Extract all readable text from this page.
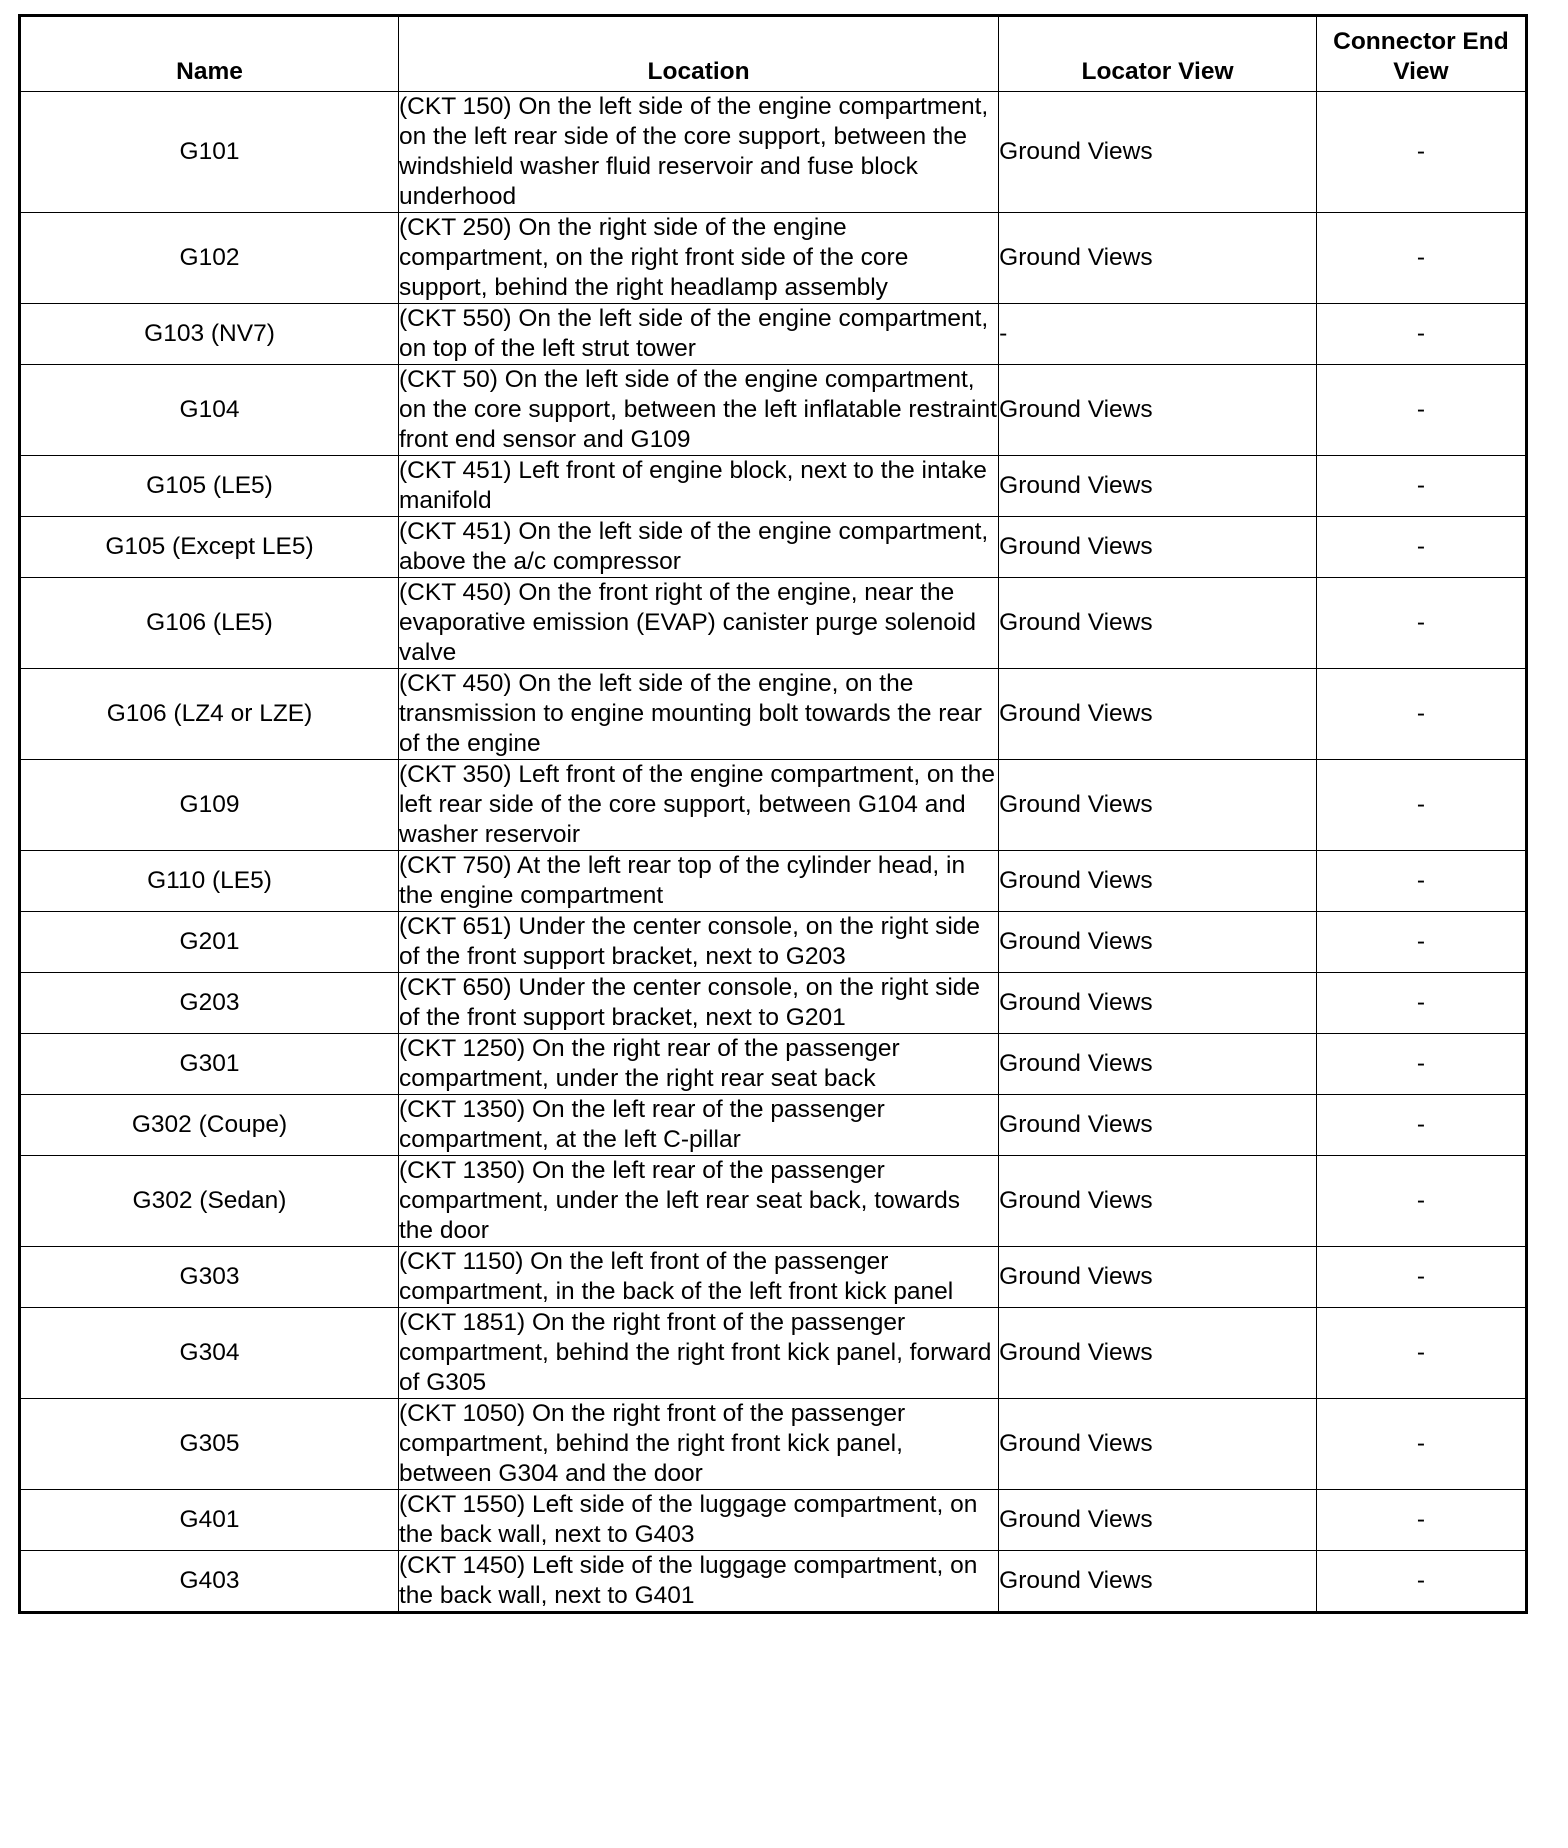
Name	Location	Locator View	Connector End View
G101	(CKT 150) On the left side of the engine compartment, on the left rear side of the core support, between the windshield washer fluid reservoir and fuse block underhood	Ground Views	-
G102	(CKT 250) On the right side of the engine compartment, on the right front side of the core support, behind the right headlamp assembly	Ground Views	-
G103 (NV7)	(CKT 550) On the left side of the engine compartment, on top of the left strut tower	-	-
G104	(CKT 50) On the left side of the engine compartment, on the core support, between the left inflatable restraint front end sensor and G109	Ground Views	-
G105 (LE5)	(CKT 451) Left front of engine block, next to the intake manifold	Ground Views	-
G105 (Except LE5)	(CKT 451) On the left side of the engine compartment, above the a/c compressor	Ground Views	-
G106 (LE5)	(CKT 450) On the front right of the engine, near the evaporative emission (EVAP) canister purge solenoid valve	Ground Views	-
G106 (LZ4 or LZE)	(CKT 450) On the left side of the engine, on the transmission to engine mounting bolt towards the rear of the engine	Ground Views	-
G109	(CKT 350) Left front of the engine compartment, on the left rear side of the core support, between G104 and washer reservoir	Ground Views	-
G110 (LE5)	(CKT 750) At the left rear top of the cylinder head, in the engine compartment	Ground Views	-
G201	(CKT 651) Under the center console, on the right side of the front support bracket, next to G203	Ground Views	-
G203	(CKT 650) Under the center console, on the right side of the front support bracket, next to G201	Ground Views	-
G301	(CKT 1250) On the right rear of the passenger compartment, under the right rear seat back	Ground Views	-
G302 (Coupe)	(CKT 1350) On the left rear of the passenger compartment, at the left C-pillar	Ground Views	-
G302 (Sedan)	(CKT 1350) On the left rear of the passenger compartment, under the left rear seat back, towards the door	Ground Views	-
G303	(CKT 1150) On the left front of the passenger compartment, in the back of the left front kick panel	Ground Views	-
G304	(CKT 1851) On the right front of the passenger compartment, behind the right front kick panel, forward of G305	Ground Views	-
G305	(CKT 1050) On the right front of the passenger compartment, behind the right front kick panel, between G304 and the door	Ground Views	-
G401	(CKT 1550) Left side of the luggage compartment, on the back wall, next to G403	Ground Views	-
G403	(CKT 1450) Left side of the luggage compartment, on the back wall, next to G401	Ground Views	-
